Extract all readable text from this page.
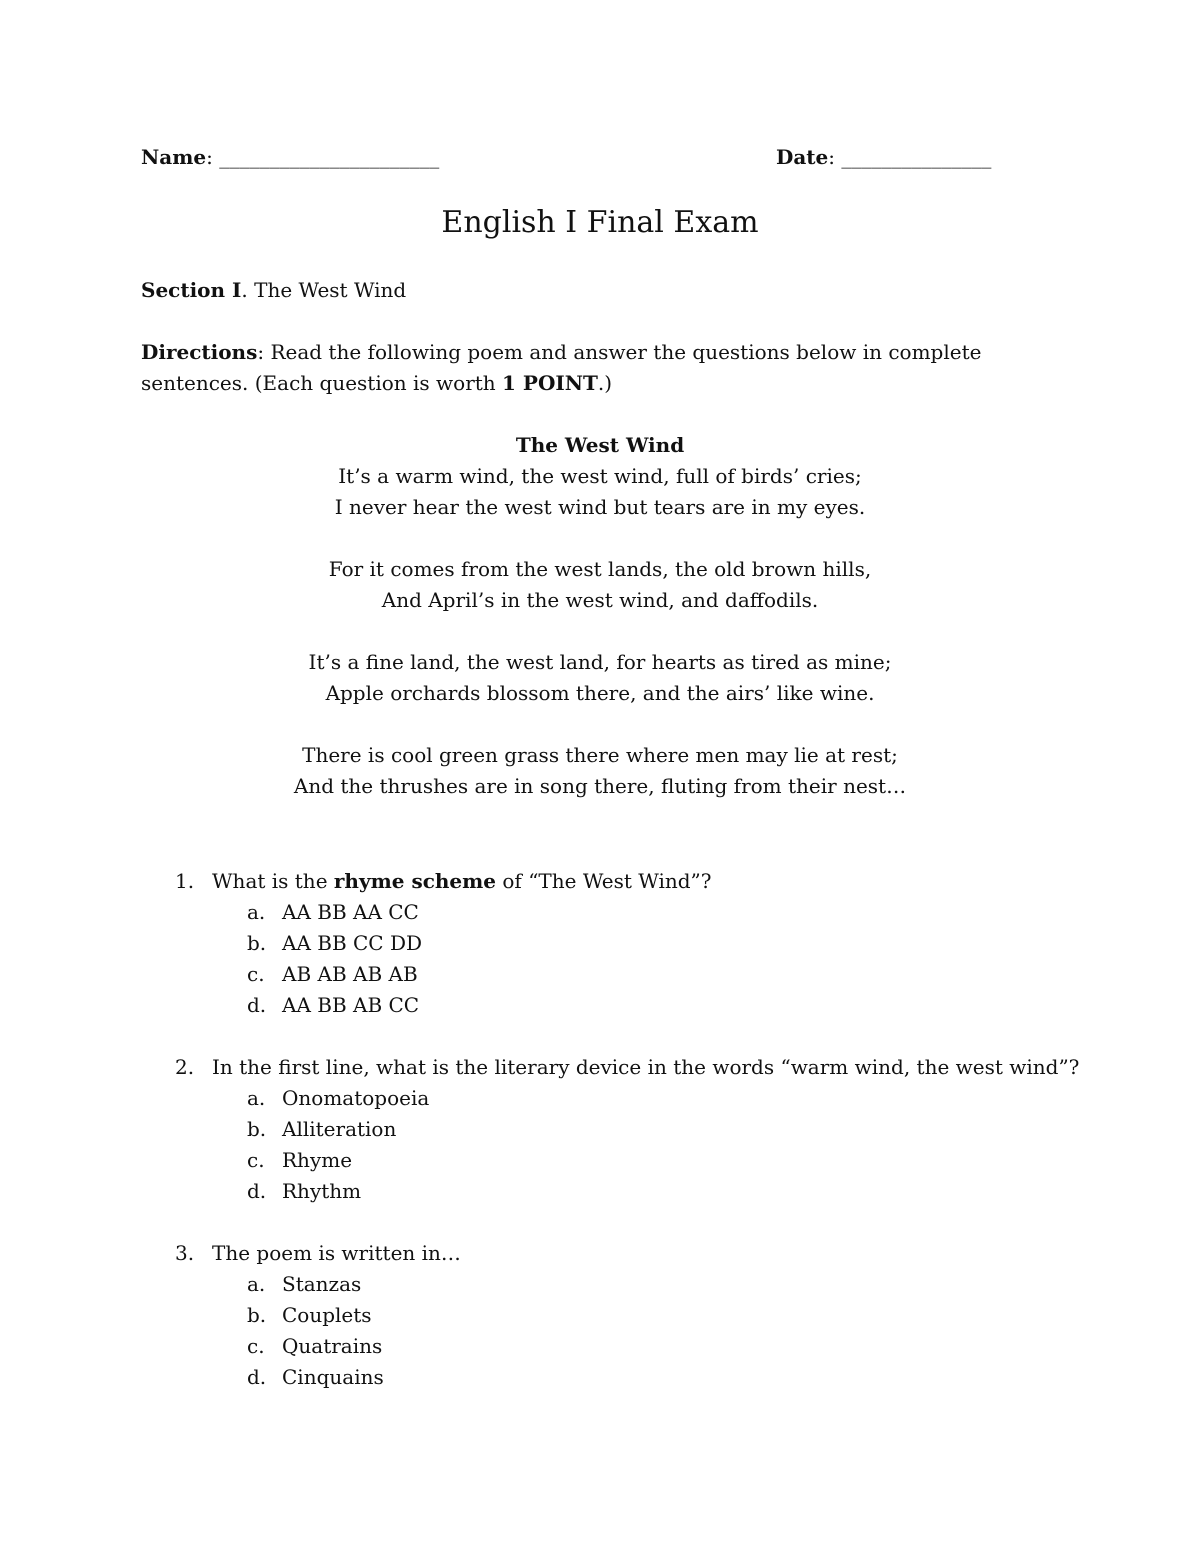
Name: ______________________	Date: _______________
English I Final Exam
Section I. The West Wind
Directions: Read the following poem and answer the questions below in complete sentences. (Each question is worth 1 POINT.)
The West Wind
It’s a warm wind, the west wind, full of birds’ cries;
I never hear the west wind but tears are in my eyes.
For it comes from the west lands, the old brown hills,
And April’s in the west wind, and daffodils.
It’s a fine land, the west land, for hearts as tired as mine;
Apple orchards blossom there, and the airs’ like wine.
There is cool green grass there where men may lie at rest;
And the thrushes are in song there, fluting from their nest…
1. What is the rhyme scheme of “The West Wind”?
a. AA BB AA CC
b. AA BB CC DD
c. AB AB AB AB
d. AA BB AB CC
2. In the first line, what is the literary device in the words “warm wind, the west wind”?
a. Onomatopoeia
b. Alliteration
c. Rhyme
d. Rhythm
3. The poem is written in…
a. Stanzas
b. Couplets
c. Quatrains
d. Cinquains
